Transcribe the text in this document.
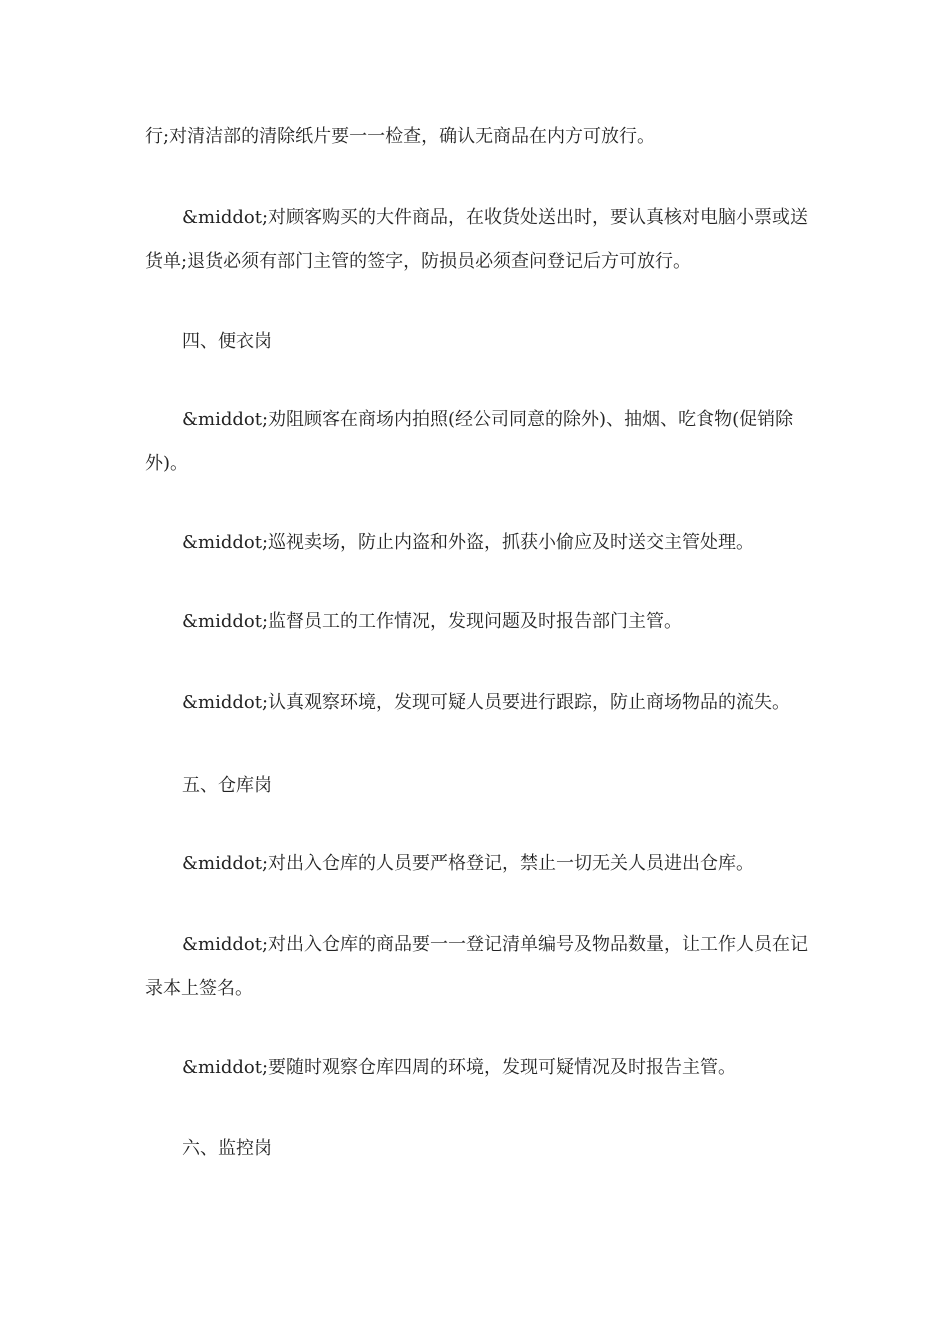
行;对清洁部的清除纸片要一一检查，确认无商品在内方可放行。

&middot;对顾客购买的大件商品，在收货处送出时，要认真核对电脑小票或送货单;退货必须有部门主管的签字，防损员必须查问登记后方可放行。

四、便衣岗

&middot;劝阻顾客在商场内拍照(经公司同意的除外)、抽烟、吃食物(促销除外)。

&middot;巡视卖场，防止内盗和外盗，抓获小偷应及时送交主管处理。

&middot;监督员工的工作情况，发现问题及时报告部门主管。

&middot;认真观察环境，发现可疑人员要进行跟踪，防止商场物品的流失。

五、仓库岗

&middot;对出入仓库的人员要严格登记，禁止一切无关人员进出仓库。

&middot;对出入仓库的商品要一一登记清单编号及物品数量，让工作人员在记录本上签名。

&middot;要随时观察仓库四周的环境，发现可疑情况及时报告主管。

六、监控岗
